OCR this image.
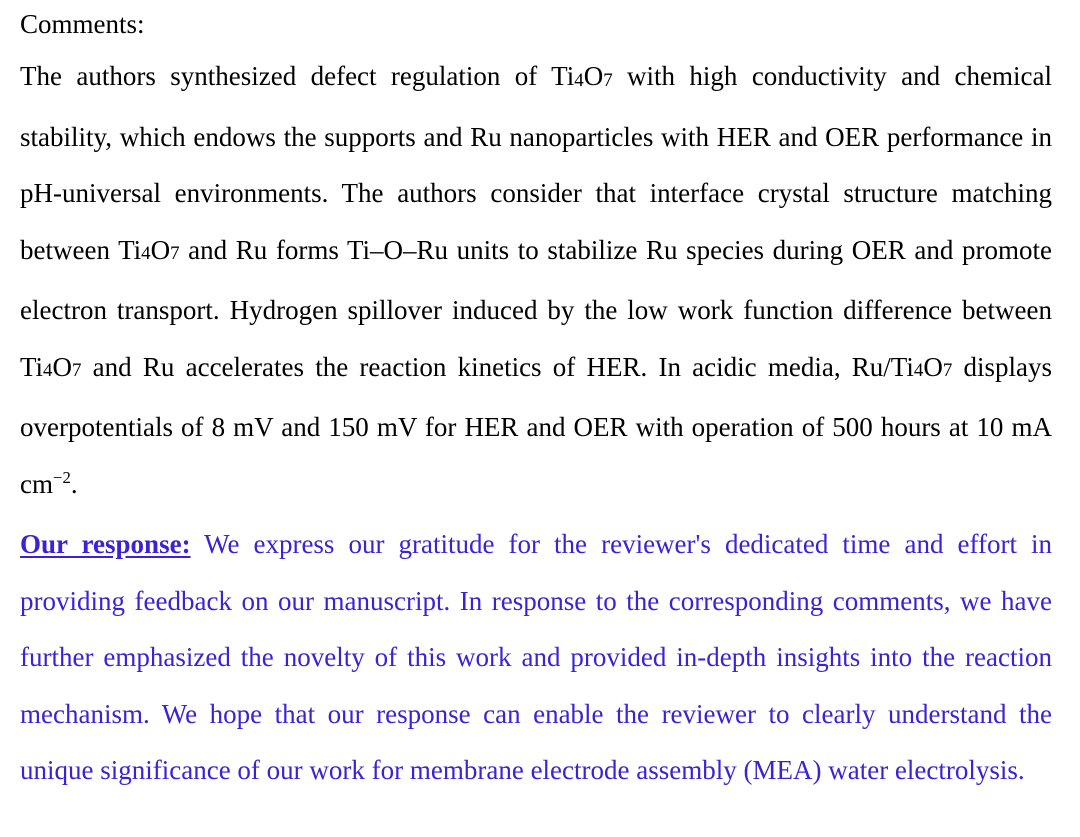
Comments:

The authors synthesized defect regulation of $Ti_4O_7$ with high conductivity and chemical stability, which endows the supports and Ru nanoparticles with HER and OER performance in pH-universal environments. The authors consider that interface crystal structure matching between $Ti_4O_7$ and Ru forms Ti–O–Ru units to stabilize Ru species during OER and promote electron transport. Hydrogen spillover induced by the low work function difference between $Ti_4O_7$ and Ru accelerates the reaction kinetics of HER. In acidic media, $Ru/Ti_4O_7$ displays overpotentials of 8 mV and 150 mV for HER and OER with operation of 500 hours at 10 mA $cm^{-2}$.

Our response: We express our gratitude for the reviewer's dedicated time and effort in providing feedback on our manuscript. In response to the corresponding comments, we have further emphasized the novelty of this work and provided in-depth insights into the reaction mechanism. We hope that our response can enable the reviewer to clearly understand the unique significance of our work for membrane electrode assembly (MEA) water electrolysis.
